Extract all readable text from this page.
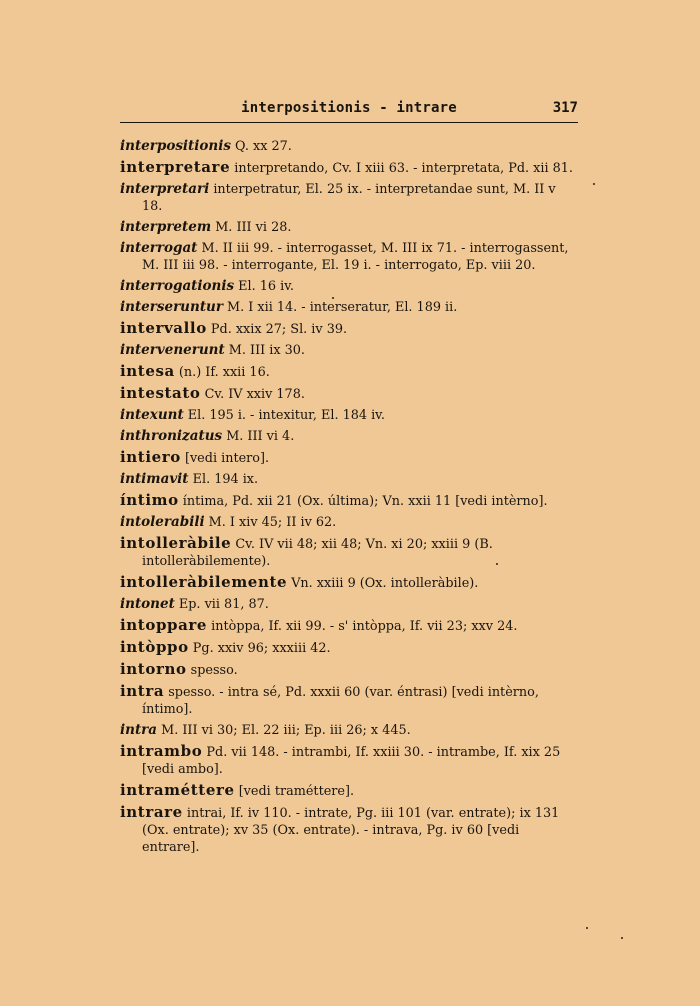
interpositionis - intrare	317

interpositionis Q. xx 27.

interpretare interpretando, Cv. I xiii 63. - interpretata, Pd. xii 81.

interpretari interpetratur, El. 25 ix. - interpretandae sunt, M. II v 18.

interpretem M. III vi 28.

interrogat M. II iii 99. - interrogasset, M. III ix 71. - interrogassent, M. III iii 98. - interrogante, El. 19 i. - interrogato, Ep. viii 20.

interrogationis El. 16 iv.

interseruntur M. I xii 14. - interseratur, El. 189 ii.

intervallo Pd. xxix 27; Sl. iv 39.

intervenerunt M. III ix 30.

intesa (n.) If. xxii 16.

intestato Cv. IV xxiv 178.

intexunt El. 195 i. - intexitur, El. 184 iv.

inthronizatus M. III vi 4.

intiero [vedi intero].

intimavit El. 194 ix.

íntimo íntima, Pd. xii 21 (Ox. última); Vn. xxii 11 [vedi intèrno].

intolerabili M. I xiv 45; II iv 62.

intolleràbile Cv. IV vii 48; xii 48; Vn. xi 20; xxiii 9 (B. intolleràbilemente).

intolleràbilemente Vn. xxiii 9 (Ox. intolleràbile).

intonet Ep. vii 81, 87.

intoppare intòppa, If. xii 99. - s' intòppa, If. vii 23; xxv 24.

intòppo Pg. xxiv 96; xxxiii 42.

intorno spesso.

intra spesso. - intra sé, Pd. xxxii 60 (var. éntrasi) [vedi intèrno, íntimo].

intra M. III vi 30; El. 22 iii; Ep. iii 26; x 445.

intrambo Pd. vii 148. - intrambi, If. xxiii 30. - intrambe, If. xix 25 [vedi ambo].

intraméttere [vedi traméttere].

intrare intrai, If. iv 110. - intrate, Pg. iii 101 (var. entrate); ix 131 (Ox. entrate); xv 35 (Ox. entrate). - intrava, Pg. iv 60 [vedi entrare].
